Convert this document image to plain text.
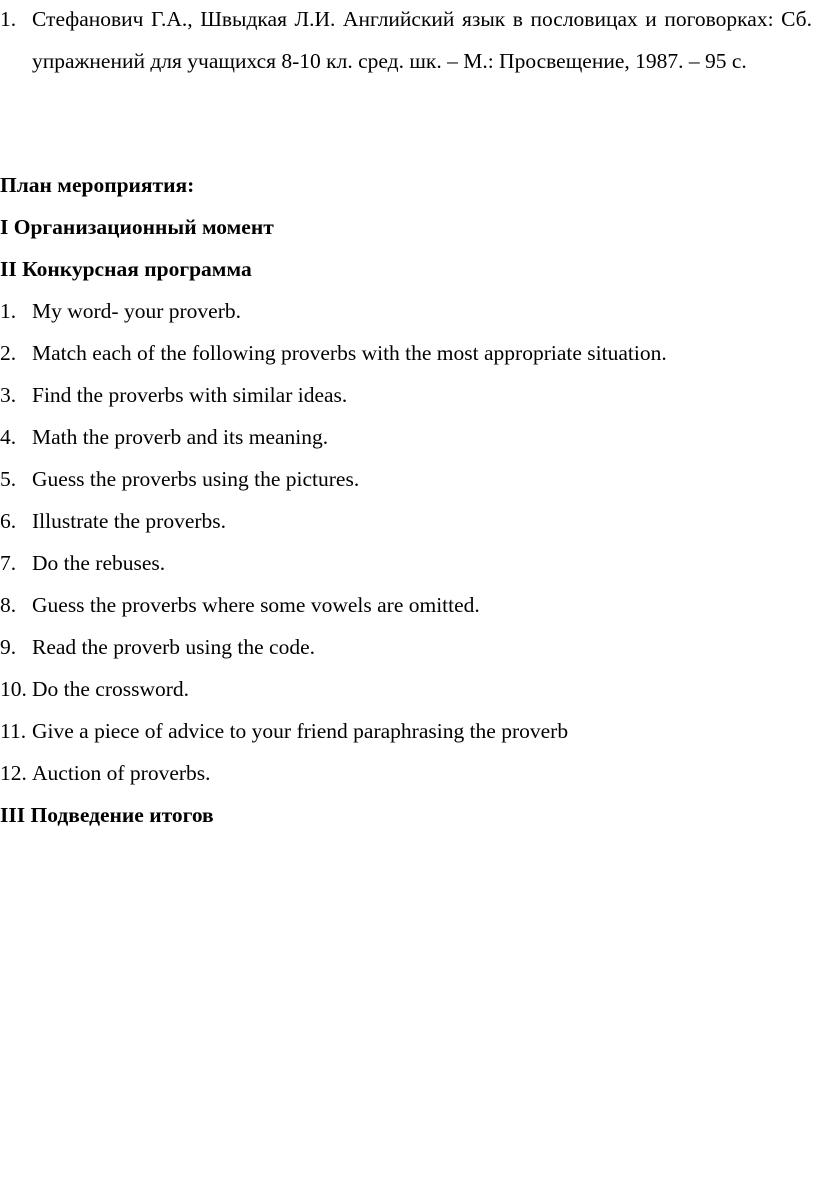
1. Стефанович Г.А., Швыдкая Л.И. Английский язык в пословицах и поговорках: Сб. упражнений для учащихся 8-10 кл. сред. шк. – М.: Просвещение, 1987. – 95 с.
План мероприятия:
I Организационный момент
II Конкурсная программа
1. My word- your proverb.
2. Match each of the following proverbs with the most appropriate situation.
3. Find the proverbs with similar ideas.
4. Math the proverb and its meaning.
5. Guess the proverbs using the pictures.
6. Illustrate the proverbs.
7. Do the rebuses.
8. Guess the proverbs where some vowels are omitted.
9. Read the proverb using the code.
10. Do the crossword.
11. Give a piece of advice to your friend paraphrasing the proverb
12. Auction of proverbs.
III Подведение итогов
